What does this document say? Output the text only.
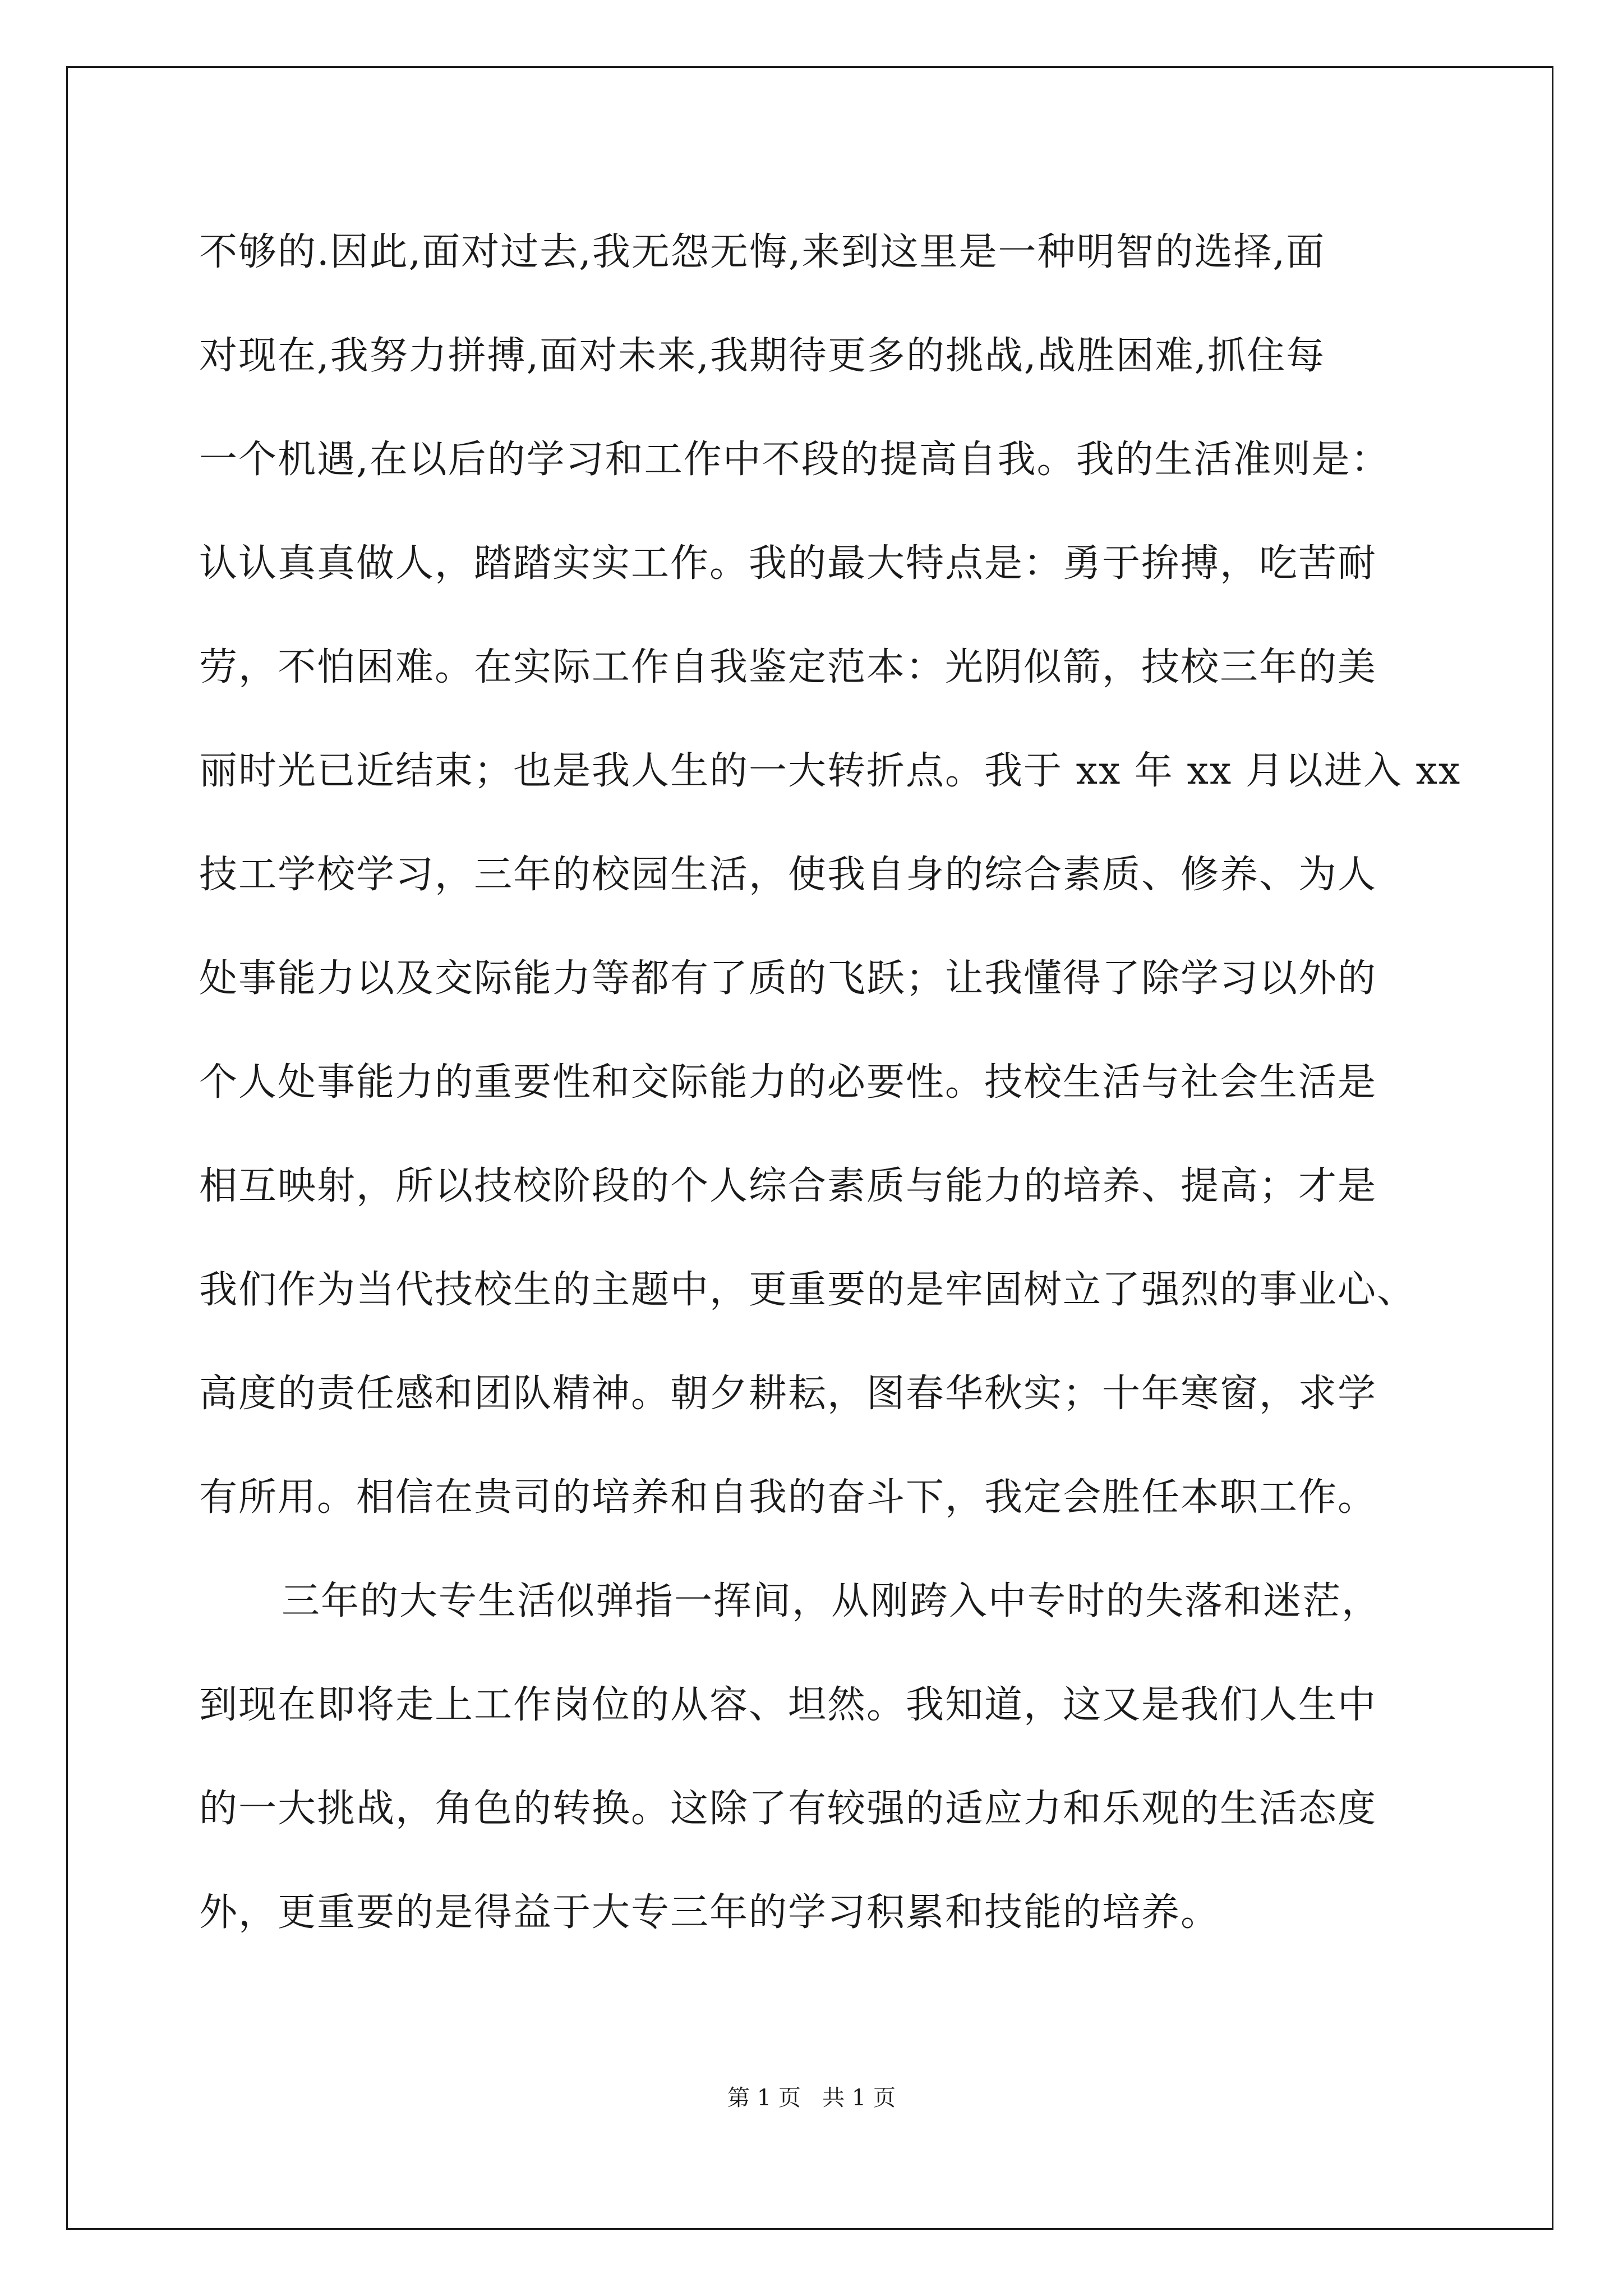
不够的.因此,面对过去,我无怨无悔,来到这里是一种明智的选择,面
对现在,我努力拼搏,面对未来,我期待更多的挑战,战胜困难,抓住每
一个机遇,在以后的学习和工作中不段的提高自我。我的生活准则是：
认认真真做人，踏踏实实工作。我的最大特点是：勇于拚搏，吃苦耐
劳，不怕困难。在实际工作自我鉴定范本：光阴似箭，技校三年的美
丽时光已近结束；也是我人生的一大转折点。我于 xx 年 xx 月以进入 xx
技工学校学习，三年的校园生活，使我自身的综合素质、修养、为人
处事能力以及交际能力等都有了质的飞跃；让我懂得了除学习以外的
个人处事能力的重要性和交际能力的必要性。技校生活与社会生活是
相互映射，所以技校阶段的个人综合素质与能力的培养、提高；才是
我们作为当代技校生的主题中，更重要的是牢固树立了强烈的事业心、
高度的责任感和团队精神。朝夕耕耘，图春华秋实；十年寒窗，求学
有所用。相信在贵司的培养和自我的奋斗下，我定会胜任本职工作。
三年的大专生活似弹指一挥间，从刚跨入中专时的失落和迷茫，
到现在即将走上工作岗位的从容、坦然。我知道，这又是我们人生中
的一大挑战，角色的转换。这除了有较强的适应力和乐观的生活态度
外，更重要的是得益于大专三年的学习积累和技能的培养。
第 1 页   共 1 页
